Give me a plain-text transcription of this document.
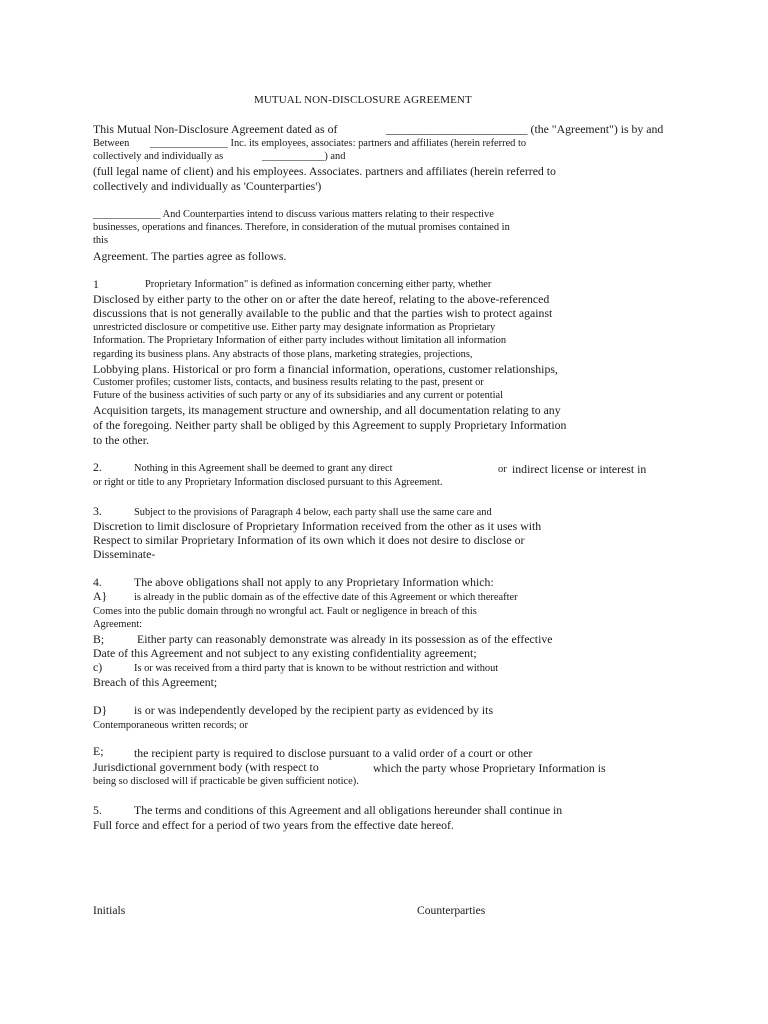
MUTUAL NON-DISCLOSURE AGREEMENT
This Mutual Non-Disclosure Agreement dated as of	________________________ (the "Agreement") is by and
Between _______________ Inc. its employees, associates: partners and affiliates (herein referred to
collectively and individually as	____________) and
(full legal name of client) and his employees. Associates. partners and affiliates (herein referred to
collectively and individually as 'Counterparties')
_____________ And Counterparties intend to discuss various matters relating to their respective
businesses, operations and finances. Therefore, in consideration of the mutual promises contained in
this
Agreement. The parties agree as follows.
1	Proprietary Information" is defined as information concerning either party, whether
Disclosed by either party to the other on or after the date hereof, relating to the above-referenced
discussions that is not generally available to the public and that the parties wish to protect against
unrestricted disclosure or competitive use. Either party may designate information as Proprietary
Information. The Proprietary Information of either party includes without limitation all information
regarding its business plans. Any abstracts of those plans, marketing strategies, projections,
Lobbying plans. Historical or pro form a financial information, operations, customer relationships,
Customer profiles; customer lists, contacts, and business results relating to the past, present or
Future of the business activities of such party or any of its subsidiaries and any current or potential
Acquisition targets, its management structure and ownership, and all documentation relating to any
of the foregoing. Neither party shall be obliged by this Agreement to supply Proprietary Information
to the other.
2.	Nothing in this Agreement shall be deemed to grant any direct	or indirect license or interest in
or right or title to any Proprietary Information disclosed pursuant to this Agreement.
3.	Subject to the provisions of Paragraph 4 below, each party shall use the same care and
Discretion to limit disclosure of Proprietary Information received from the other as it uses with
Respect to similar Proprietary Information of its own which it does not desire to disclose or
Disseminate-
4.	The above obligations shall not apply to any Proprietary Information which:
A}	is already in the public domain as of the effective date of this Agreement or which thereafter
Comes into the public domain through no wrongful act. Fault or negligence in breach of this
Agreement:
B;	Either party can reasonably demonstrate was already in its possession as of the effective
Date of this Agreement and not subject to any existing confidentiality agreement;
c)	Is or was received from a third party that is known to be without restriction and without
Breach of this Agreement;
D} is or was independently developed by the recipient party as evidenced by its
Contemporaneous written records; or
E;	the recipient party is required to disclose pursuant to a valid order of a court or other
Jurisdictional government body (with respect to	which the party whose Proprietary Information is
being so disclosed will if practicable be given sufficient notice).
5.	The terms and conditions of this Agreement and all obligations hereunder shall continue in
Full force and effect for a period of two years from the effective date hereof.
Initials	Counterparties
